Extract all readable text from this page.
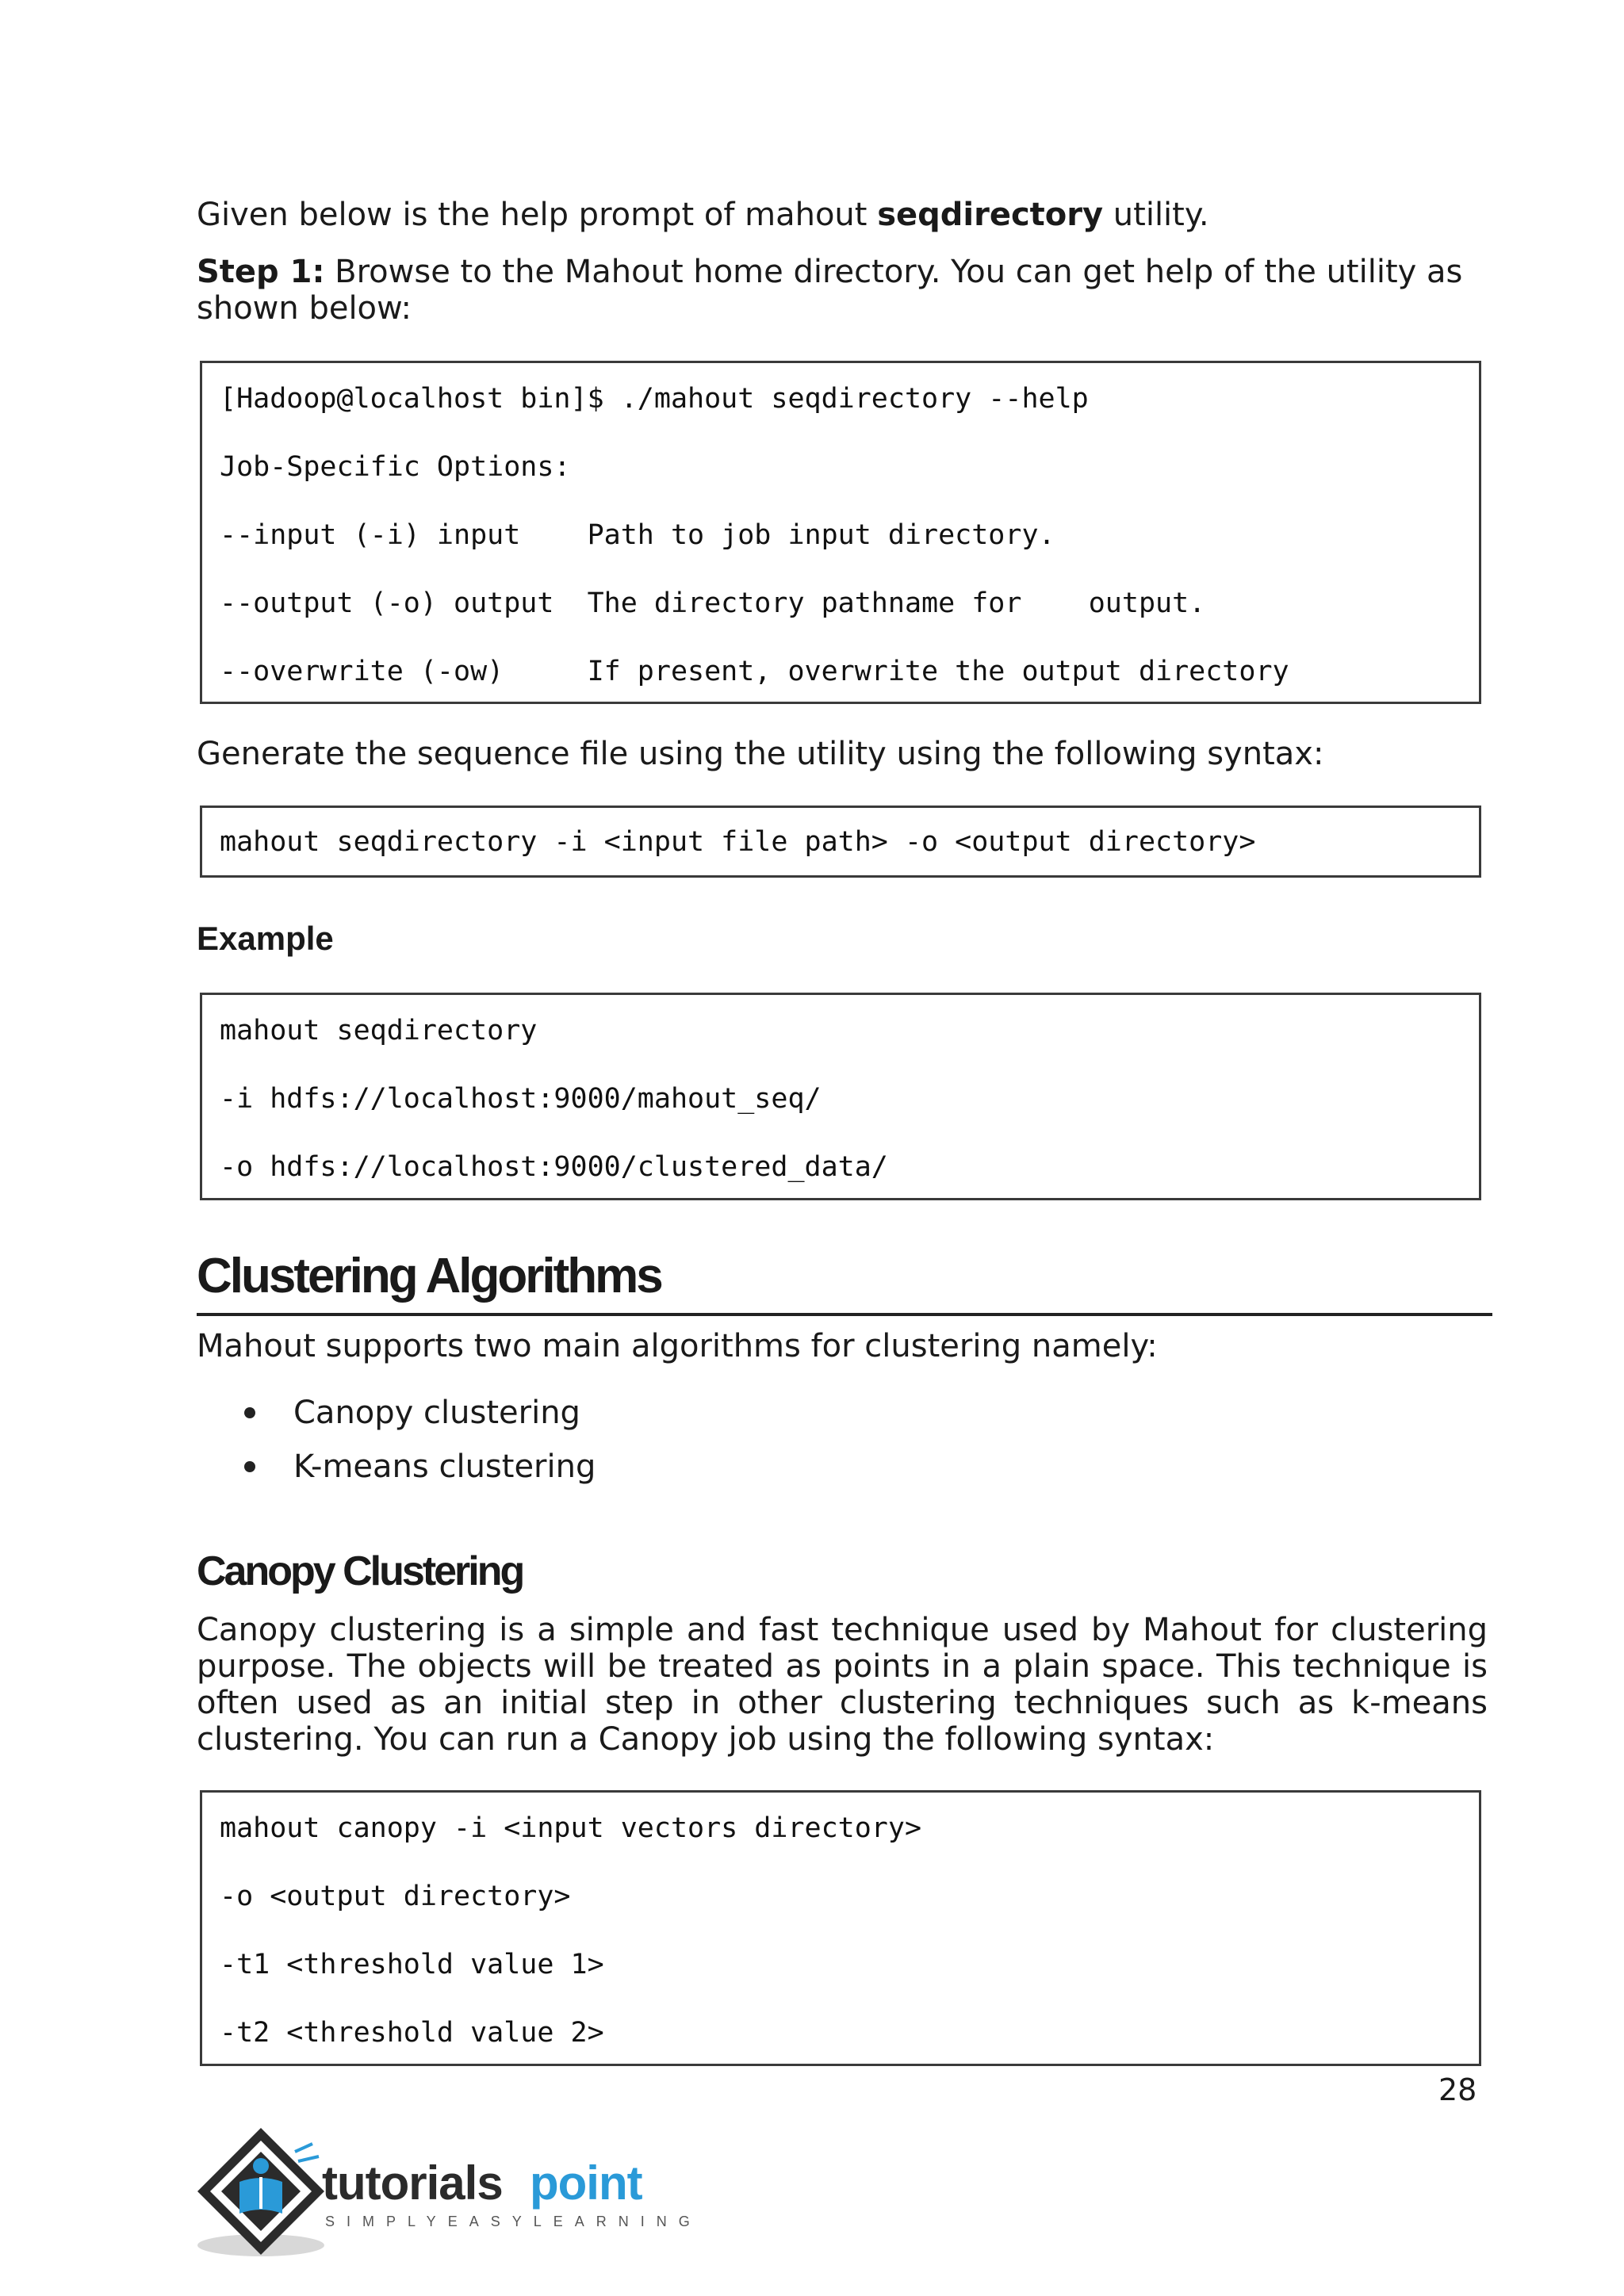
Given below is the help prompt of mahout seqdirectory utility.

Step 1: Browse to the Mahout home directory. You can get help of the utility as shown below:

[Hadoop@localhost bin]$ ./mahout seqdirectory --help
Job-Specific Options:
--input (-i) input    Path to job input directory.
--output (-o) output  The directory pathname for    output.
--overwrite (-ow)     If present, overwrite the output directory

Generate the sequence file using the utility using the following syntax:

mahout seqdirectory -i <input file path> -o <output directory>
Example
mahout seqdirectory
-i hdfs://localhost:9000/mahout_seq/
-o hdfs://localhost:9000/clustered_data/
Clustering Algorithms

Mahout supports two main algorithms for clustering namely:

Canopy clustering
K-means clustering
Canopy Clustering

Canopy clustering is a simple and fast technique used by Mahout for clustering purpose. The objects will be treated as points in a plain space. This technique is often used as an initial step in other clustering techniques such as k-means clustering. You can run a Canopy job using the following syntax:

mahout canopy -i <input vectors directory>
-o <output directory>
-t1 <threshold value 1>
-t2 <threshold value 2>
28
tutorials point
SIMPLYEASYLEARNING
